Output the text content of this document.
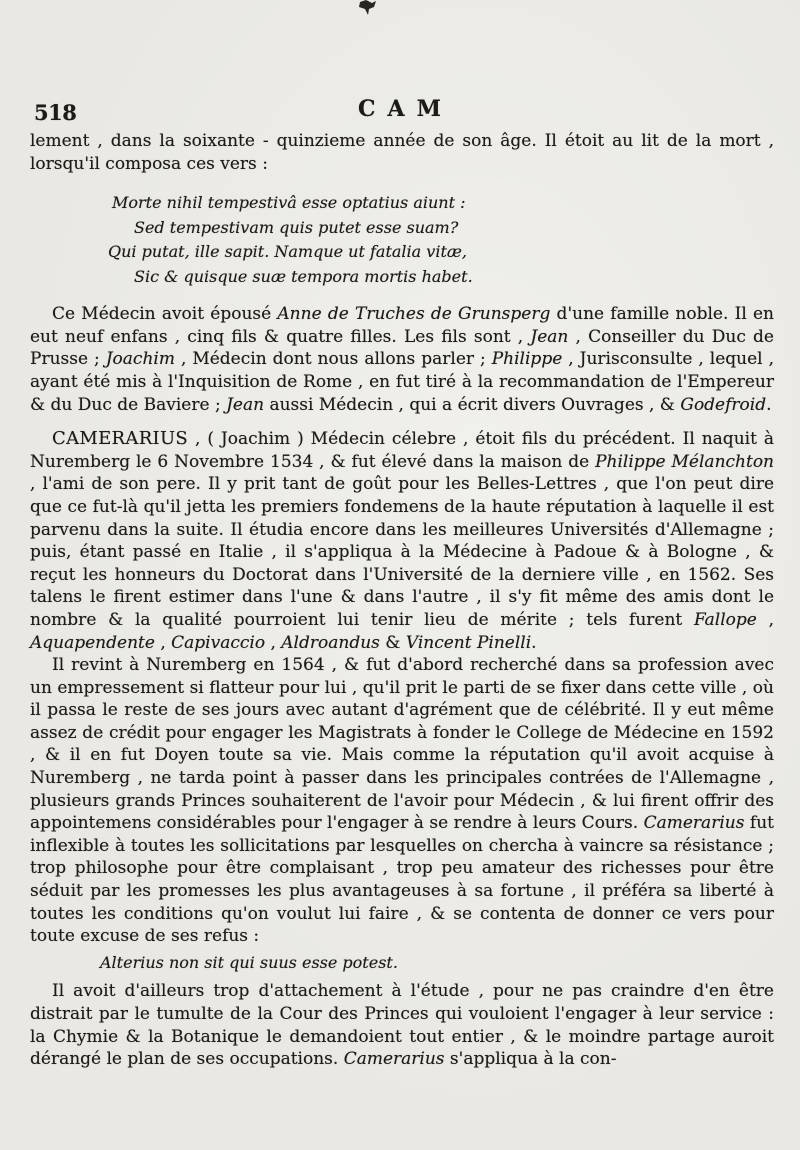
518	CAM

lement , dans la soixante - quinzieme année de son âge. Il étoit au lit de la mort , lorsqu'il composa ces vers :

Morte nihil tempestivâ esse optatius aiunt :
Sed tempestivam quis putet esse suam?
Qui putat, ille sapit. Namque ut fatalia vitæ,
Sic & quisque suæ tempora mortis habet.

Ce Médecin avoit épousé Anne de Truches de Grunsperg d'une famille noble. Il en eut neuf enfans , cinq fils & quatre filles. Les fils sont , Jean , Conseiller du Duc de Prusse ; Joachim , Médecin dont nous allons parler ; Philippe , Jurisconsulte , lequel , ayant été mis à l'Inquisition de Rome , en fut tiré à la recommandation de l'Empereur & du Duc de Baviere ; Jean aussi Médecin , qui a écrit divers Ouvrages , & Godefroid.

CAMERARIUS , ( Joachim ) Médecin célebre , étoit fils du précédent. Il naquit à Nuremberg le 6 Novembre 1534 , & fut élevé dans la maison de Philippe Mélanchton , l'ami de son pere. Il y prit tant de goût pour les Belles-Lettres , que l'on peut dire que ce fut-là qu'il jetta les premiers fondemens de la haute réputation à laquelle il est parvenu dans la suite. Il étudia encore dans les meilleures Universités d'Allemagne ; puis, étant passé en Italie , il s'appliqua à la Médecine à Padoue & à Bologne , & reçut les honneurs du Doctorat dans l'Université de la derniere ville , en 1562. Ses talens le firent estimer dans l'une & dans l'autre , il s'y fit même des amis dont le nombre & la qualité pourroient lui tenir lieu de mérite ; tels furent Fallope , Aquapendente , Capivaccio , Aldroandus & Vincent Pinelli.

Il revint à Nuremberg en 1564 , & fut d'abord recherché dans sa profession avec un empressement si flatteur pour lui , qu'il prit le parti de se fixer dans cette ville , où il passa le reste de ses jours avec autant d'agrément que de célébrité. Il y eut même assez de crédit pour engager les Magistrats à fonder le College de Médecine en 1592 , & il en fut Doyen toute sa vie. Mais comme la réputation qu'il avoit acquise à Nuremberg , ne tarda point à passer dans les principales contrées de l'Allemagne , plusieurs grands Princes souhaiterent de l'avoir pour Médecin , & lui firent offrir des appointemens considérables pour l'engager à se rendre à leurs Cours. Camerarius fut inflexible à toutes les sollicitations par lesquelles on chercha à vaincre sa résistance ; trop philosophe pour être complaisant , trop peu amateur des richesses pour être séduit par les promesses les plus avantageuses à sa fortune , il préféra sa liberté à toutes les conditions qu'on voulut lui faire , & se contenta de donner ce vers pour toute excuse de ses refus :

Alterius non sit qui suus esse potest.

Il avoit d'ailleurs trop d'attachement à l'étude , pour ne pas craindre d'en être distrait par le tumulte de la Cour des Princes qui vouloient l'engager à leur service : la Chymie & la Botanique le demandoient tout entier , & le moindre partage auroit dérangé le plan de ses occupations. Camerarius s'appliqua à la con-
